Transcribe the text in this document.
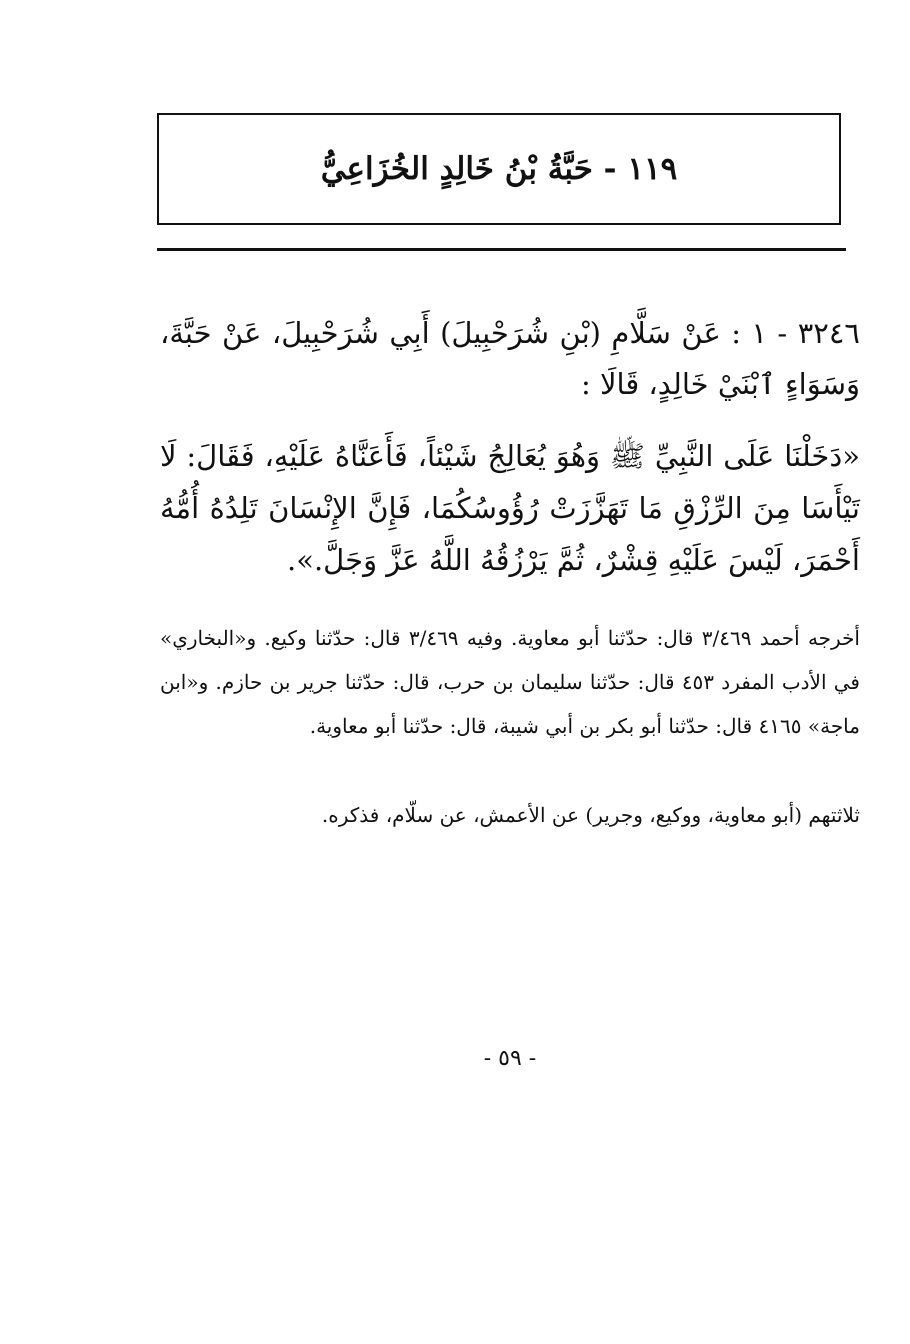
١١٩ - حَبَّةُ بْنُ خَالِدٍ الخُزَاعِيُّ

٣٢٤٦ - ١ : عَنْ سَلَّامِ (بْنِ شُرَحْبِيلَ) أَبِي شُرَحْبِيلَ، عَنْ حَبَّةَ، وَسَوَاءٍ ٱبْنَيْ خَالِدٍ، قَالَا :

«دَخَلْنَا عَلَى النَّبِيِّ ﷺ وَهُوَ يُعَالِجُ شَيْئاً، فَأَعَنَّاهُ عَلَيْهِ، فَقَالَ: لَا تَيْأَسَا مِنَ الرِّزْقِ مَا تَهَزَّزَتْ رُؤُوسُكُمَا، فَإِنَّ الإِنْسَانَ تَلِدُهُ أُمُّهُ أَحْمَرَ، لَيْسَ عَلَيْهِ قِشْرٌ، ثُمَّ يَرْزُقُهُ اللَّهُ عَزَّ وَجَلَّ.».

أخرجه أحمد ٣/٤٦٩ قال: حدّثنا أبو معاوية. وفيه ٣/٤٦٩ قال: حدّثنا وكيع. و«البخاري» في الأدب المفرد ٤٥٣ قال: حدّثنا سليمان بن حرب، قال: حدّثنا جرير بن حازم. و«ابن ماجة» ٤١٦٥ قال: حدّثنا أبو بكر بن أبي شيبة، قال: حدّثنا أبو معاوية.

ثلاثتهم (أبو معاوية، ووكيع، وجرير) عن الأعمش، عن سلّام، فذكره.

- ٥٩ -
